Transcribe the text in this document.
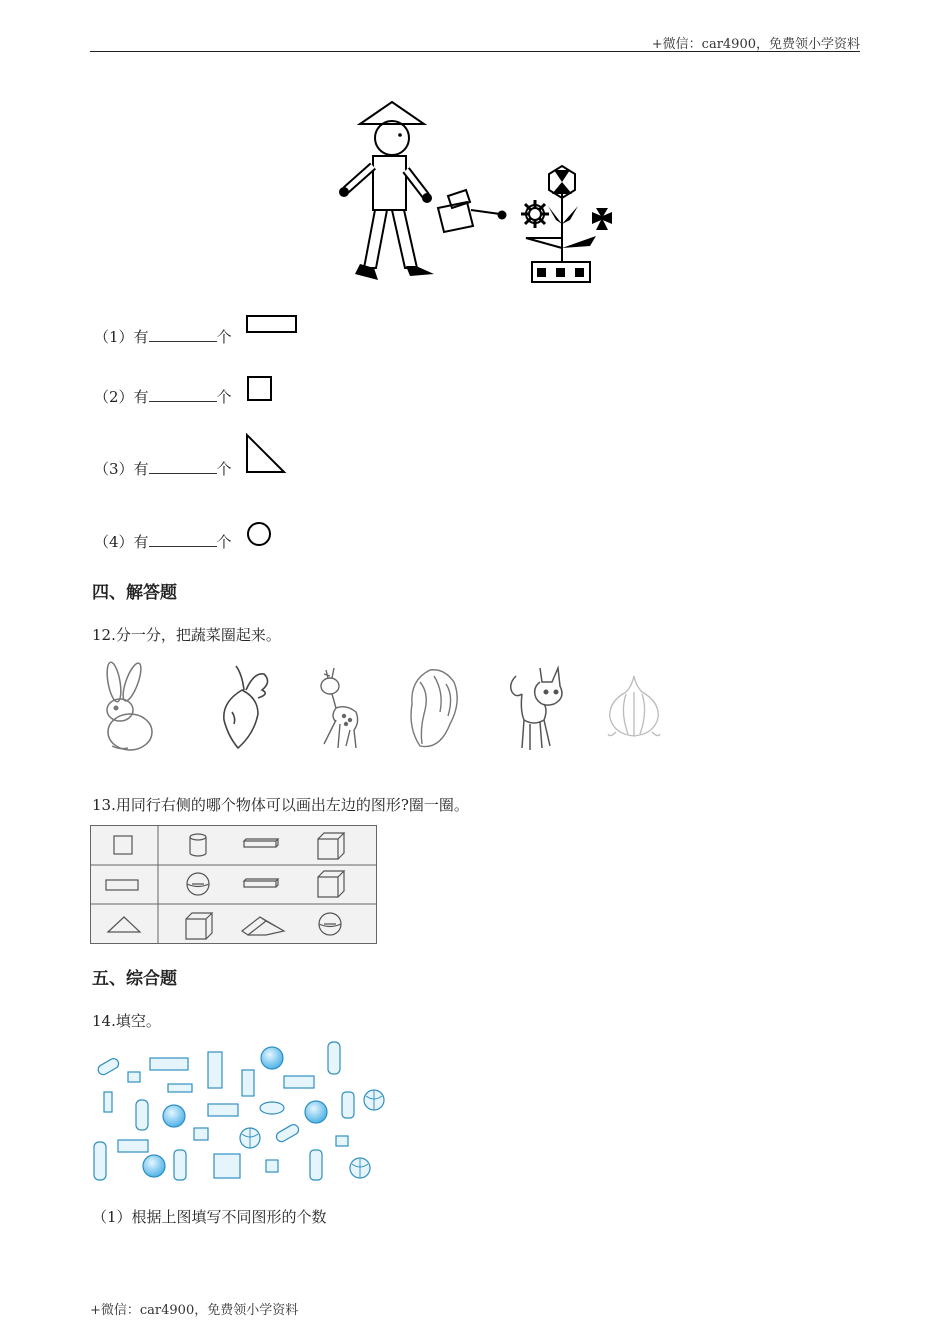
+微信：car4900，免费领小学资料
（1）有	个
（2）有	个
（3）有	个
（4）有	个
四、解答题
12.分一分，把蔬菜圈起来。
13.用同行右侧的哪个物体可以画出左边的图形?圈一圈。
五、综合题
14.填空。
（1）根据上图填写不同图形的个数
+微信：car4900，免费领小学资料
